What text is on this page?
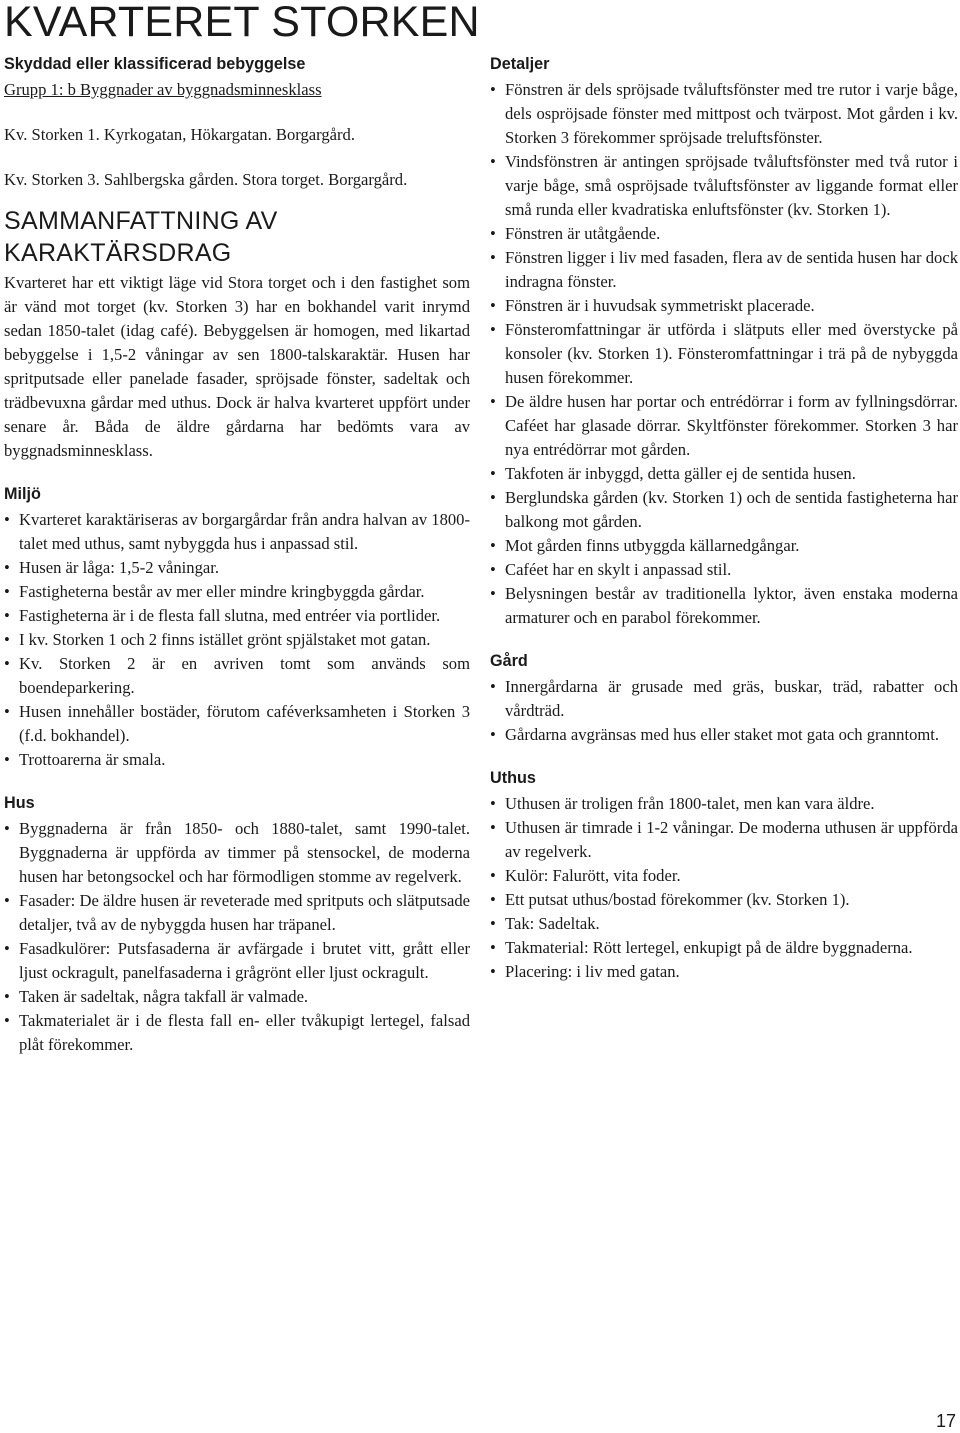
KVARTERET STORKEN
Skyddad eller klassificerad bebyggelse

Grupp 1: b Byggnader av byggnadsminnesklass

Kv. Storken 1. Kyrkogatan, Hökargatan. Borgargård.

Kv. Storken 3. Sahlbergska gården. Stora torget. Borgargård.

SAMMANFATTNING AV KARAKTÄRSDRAG

Kvarteret har ett viktigt läge vid Stora torget och i den fastighet som är vänd mot torget (kv. Storken 3) har en bokhandel varit inrymd sedan 1850-talet (idag café). Bebyggelsen är homogen, med likartad bebyggelse i 1,5-2 våningar av sen 1800-talskaraktär. Husen har spritputsade eller panelade fasader, spröjsade fönster, sadeltak och trädbevuxna gårdar med uthus. Dock är halva kvarteret uppfört under senare år. Båda de äldre gårdarna har bedömts vara av byggnadsminnesklass.

Miljö
• Kvarteret karaktäriseras av borgargårdar från andra halvan av 1800-talet med uthus, samt nybyggda hus i anpassad stil.
• Husen är låga: 1,5-2 våningar.
• Fastigheterna består av mer eller mindre kringbyggda gårdar.
• Fastigheterna är i de flesta fall slutna, med entréer via portlider.
• I kv. Storken 1 och 2 finns istället grönt spjälstaket mot gatan.
• Kv. Storken 2 är en avriven tomt som används som boendeparkering.
• Husen innehåller bostäder, förutom caféverksamheten i Storken 3 (f.d. bokhandel).
• Trottoarerna är smala.
Hus
• Byggnaderna är från 1850- och 1880-talet, samt 1990-talet. Byggnaderna är uppförda av timmer på stensockel, de moderna husen har betongsockel och har förmodligen stomme av regelverk.
• Fasader: De äldre husen är reveterade med spritputs och slätputsade detaljer, två av de nybyggda husen har träpanel.
• Fasadkulörer: Putsfasaderna är avfärgade i brutet vitt, grått eller ljust ockragult, panelfasaderna i grågrönt eller ljust ockragult.
• Taken är sadeltak, några takfall är valmade.
• Takmaterialet är i de flesta fall en- eller tvåkupigt lertegel, falsad plåt förekommer.
Detaljer
• Fönstren är dels spröjsade tvåluftsfönster med tre rutor i varje båge, dels ospröjsade fönster med mittpost och tvärpost. Mot gården i kv. Storken 3 förekommer spröjsade treluftsfönster.
• Vindsfönstren är antingen spröjsade tvåluftsfönster med två rutor i varje båge, små ospröjsade tvåluftsfönster av liggande format eller små runda eller kvadratiska enluftsfönster (kv. Storken 1).
• Fönstren är utåtgående.
• Fönstren ligger i liv med fasaden, flera av de sentida husen har dock indragna fönster.
• Fönstren är i huvudsak symmetriskt placerade.
• Fönsteromfattningar är utförda i slätputs eller med överstycke på konsoler (kv. Storken 1). Fönsteromfattningar i trä på de nybyggda husen förekommer.
• De äldre husen har portar och entrédörrar i form av fyllningsdörrar. Caféet har glasade dörrar. Skyltfönster förekommer. Storken 3 har nya entrédörrar mot gården.
• Takfoten är inbyggd, detta gäller ej de sentida husen.
• Berglundska gården (kv. Storken 1) och de sentida fastigheterna har balkong mot gården.
• Mot gården finns utbyggda källarnedgångar.
• Caféet har en skylt i anpassad stil.
• Belysningen består av traditionella lyktor, även enstaka moderna armaturer och en parabol förekommer.
Gård
• Innergårdarna är grusade med gräs, buskar, träd, rabatter och vårdträd.
• Gårdarna avgränsas med hus eller staket mot gata och granntomt.
Uthus
• Uthusen är troligen från 1800-talet, men kan vara äldre.
• Uthusen är timrade i 1-2 våningar. De moderna uthusen är uppförda av regelverk.
• Kulör: Falurött, vita foder.
• Ett putsat uthus/bostad förekommer (kv. Storken 1).
• Tak: Sadeltak.
• Takmaterial: Rött lertegel, enkupigt på de äldre byggnaderna.
• Placering: i liv med gatan.
17
